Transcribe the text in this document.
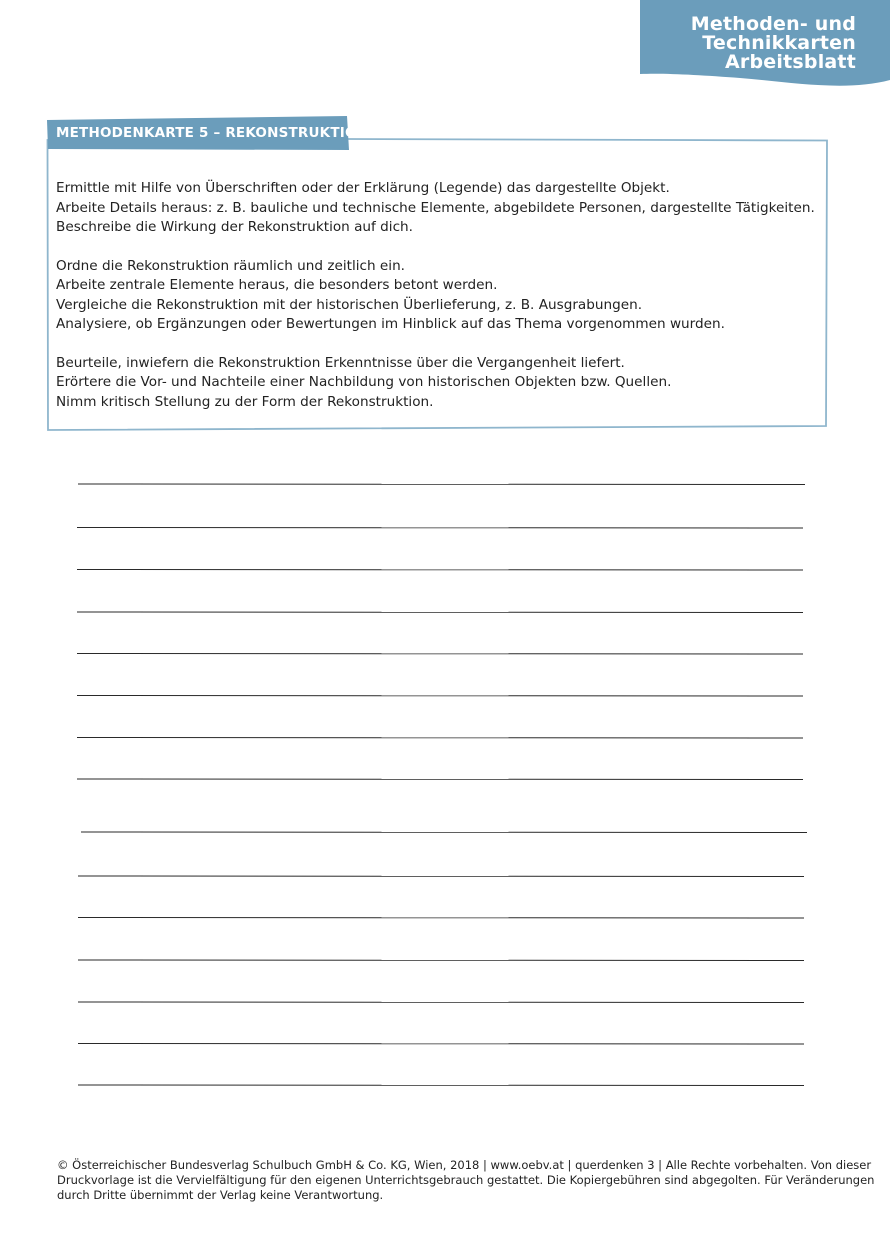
Methoden- und
Technikkarten
Arbeitsblatt
METHODENKARTE 5 – REKONSTRUKTION

Ermittle mit Hilfe von Überschriften oder der Erklärung (Legende) das dargestellte Objekt.
Arbeite Details heraus: z. B. bauliche und technische Elemente, abgebildete Personen, dargestellte Tätigkeiten.
Beschreibe die Wirkung der Rekonstruktion auf dich.

Ordne die Rekonstruktion räumlich und zeitlich ein.
Arbeite zentrale Elemente heraus, die besonders betont werden.
Vergleiche die Rekonstruktion mit der historischen Überlieferung, z. B. Ausgrabungen.
Analysiere, ob Ergänzungen oder Bewertungen im Hinblick auf das Thema vorgenommen wurden.

Beurteile, inwiefern die Rekonstruktion Erkenntnisse über die Vergangenheit liefert.
Erörtere die Vor- und Nachteile einer Nachbildung von historischen Objekten bzw. Quellen.
Nimm kritisch Stellung zu der Form der Rekonstruktion.

© Österreichischer Bundesverlag Schulbuch GmbH & Co. KG, Wien, 2018 | www.oebv.at | querdenken 3 | Alle Rechte vorbehalten. Von dieser
Druckvorlage ist die Vervielfältigung für den eigenen Unterrichtsgebrauch gestattet. Die Kopiergebühren sind abgegolten. Für Veränderungen
durch Dritte übernimmt der Verlag keine Verantwortung.
